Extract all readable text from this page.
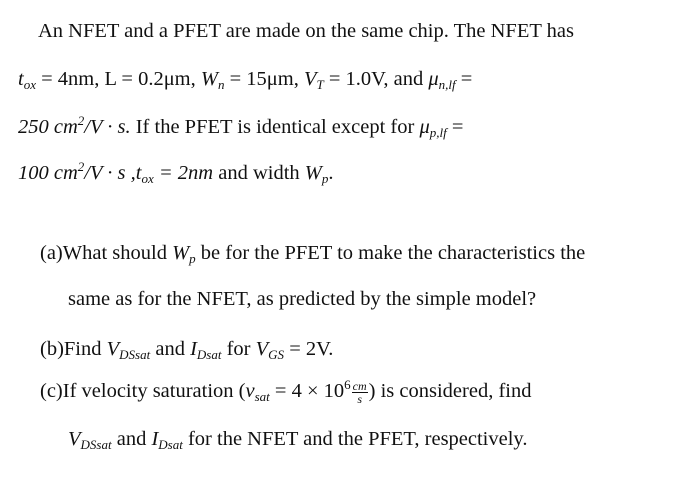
An NFET and a PFET are made on the same chip. The NFET has
$t_{ox} = 4nm$, L = 0.2μm, $W_n = 15\mu m$, $V_T = 1.0V$, and $\mu_{n,lf}$ =
250 $cm^2/V \cdot s$. If the PFET is identical except for $\mu_{p,lf}$ =
100 $cm^2/V \cdot s$ $,t_{ox} = 2nm$ and width $W_p$.
(a)What should $W_p$ be for the PFET to make the characteristics the
same as for the NFET, as predicted by the simple model?
(b)Find $V_{DSsat}$ and $I_{Dsat}$ for $V_{GS} = 2V$.
(c)If velocity saturation ($v_{sat} = 4 \times 10^6 \frac{cm}{s}$ ) is considered, find
$V_{DSsat}$ and $I_{Dsat}$ for the NFET and the PFET, respectively.
